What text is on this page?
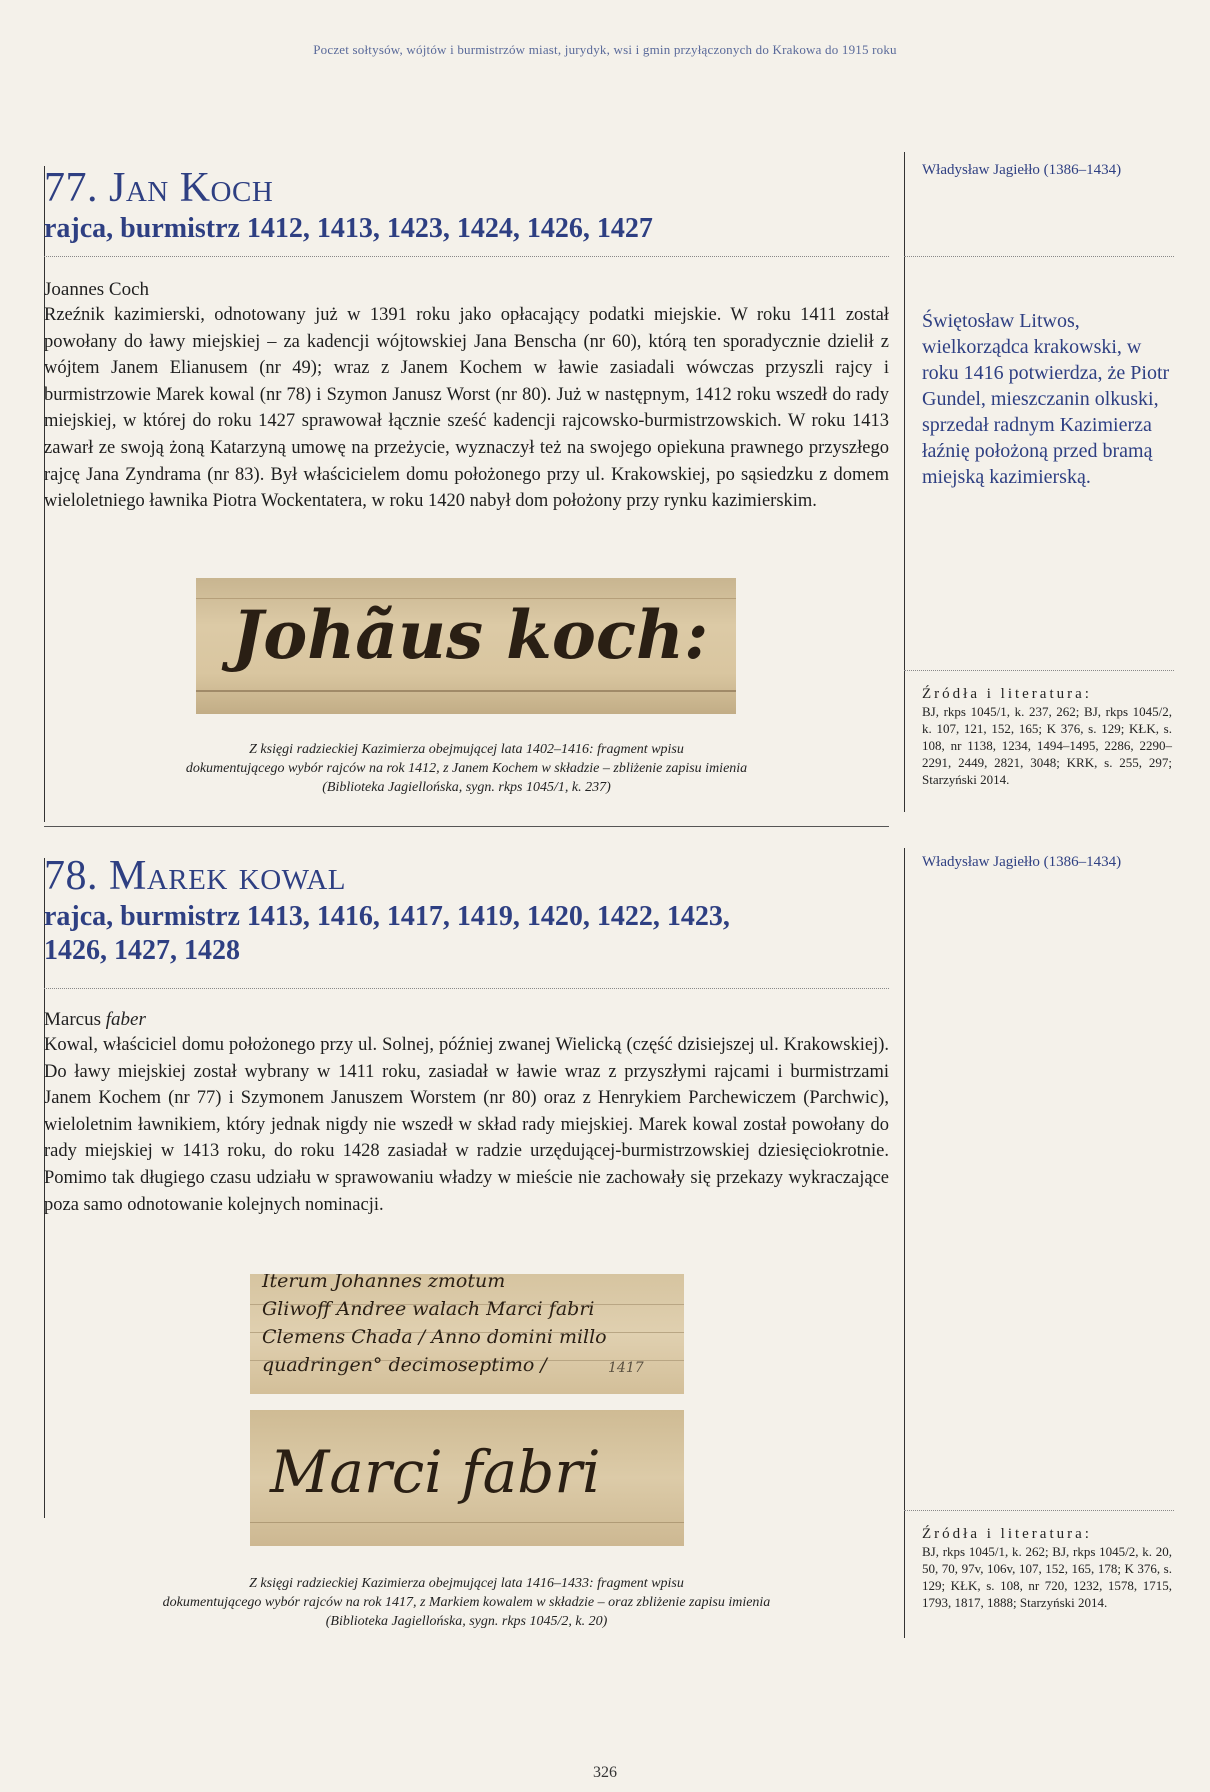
Poczet sołtysów, wójtów i burmistrzów miast, jurydyk, wsi i gmin przyłączonych do Krakowa do 1915 roku
77. Jan Koch
rajca, burmistrz 1412, 1413, 1423, 1424, 1426, 1427
Joannes Coch
Rzeźnik kazimierski, odnotowany już w 1391 roku jako opłacający podatki miejskie. W roku 1411 został powołany do ławy miejskiej – za kadencji wójtowskiej Jana Benscha (nr 60), którą ten sporadycznie dzielił z wójtem Janem Elianusem (nr 49); wraz z Janem Kochem w ławie zasiadali wówczas przyszli rajcy i burmistrzowie Marek kowal (nr 78) i Szymon Janusz Worst (nr 80). Już w następnym, 1412 roku wszedł do rady miejskiej, w której do roku 1427 sprawował łącznie sześć kadencji rajcowsko-burmistrzowskich. W roku 1413 zawarł ze swoją żoną Katarzyną umowę na przeżycie, wyznaczył też na swojego opiekuna prawnego przyszłego rajcę Jana Zyndrama (nr 83). Był właścicielem domu położonego przy ul. Krakowskiej, po sąsiedzku z domem wieloletniego ławnika Piotra Wockentatera, w roku 1420 nabył dom położony przy rynku kazimierskim.
Johãus koch:
Z księgi radzieckiej Kazimierza obejmującej lata 1402–1416: fragment wpisu
dokumentującego wybór rajców na rok 1412, z Janem Kochem w składzie – zbliżenie zapisu imienia
(Biblioteka Jagiellońska, sygn. rkps 1045/1, k. 237)
Władysław Jagiełło (1386–1434)
Świętosław Litwos, wielkorządca krakowski, w roku 1416 potwierdza, że Piotr Gundel, mieszczanin olkuski, sprzedał radnym Kazimierza łaźnię położoną przed bramą miejską kazimierską.
Źródła i literatura:
BJ, rkps 1045/1, k. 237, 262; BJ, rkps 1045/2, k. 107, 121, 152, 165; K 376, s. 129; KŁK, s. 108, nr 1138, 1234, 1494–1495, 2286, 2290–2291, 2449, 2821, 3048; KRK, s. 255, 297; Starzyński 2014.
78. Marek kowal
rajca, burmistrz 1413, 1416, 1417, 1419, 1420, 1422, 1423,
1426, 1427, 1428
Marcus faber
Kowal, właściciel domu położonego przy ul. Solnej, później zwanej Wielicką (część dzisiejszej ul. Krakowskiej). Do ławy miejskiej został wybrany w 1411 roku, zasiadał w ławie wraz z przyszłymi rajcami i burmistrzami Janem Kochem (nr 77) i Szymonem Januszem Worstem (nr 80) oraz z Henrykiem Parchewiczem (Parchwic), wieloletnim ławnikiem, który jednak nigdy nie wszedł w skład rady miejskiej. Marek kowal został powołany do rady miejskiej w 1413 roku, do roku 1428 zasiadał w radzie urzędującej-burmistrzowskiej dziesięciokrotnie. Pomimo tak długiego czasu udziału w sprawowaniu władzy w mieście nie zachowały się przekazy wykraczające poza samo odnotowanie kolejnych nominacji.
Iterum Johannes zmotum
Gliwoff Andree walach Marci fabri
Clemens Chada / Anno domini millo
quadringen° decimoseptimo /	1417
Marci fabri
Z księgi radzieckiej Kazimierza obejmującej lata 1416–1433: fragment wpisu
dokumentującego wybór rajców na rok 1417, z Markiem kowalem w składzie – oraz zbliżenie zapisu imienia
(Biblioteka Jagiellońska, sygn. rkps 1045/2, k. 20)
Władysław Jagiełło (1386–1434)
Źródła i literatura:
BJ, rkps 1045/1, k. 262; BJ, rkps 1045/2, k. 20, 50, 70, 97v, 106v, 107, 152, 165, 178; K 376, s. 129; KŁK, s. 108, nr 720, 1232, 1578, 1715, 1793, 1817, 1888; Starzyński 2014.
326
